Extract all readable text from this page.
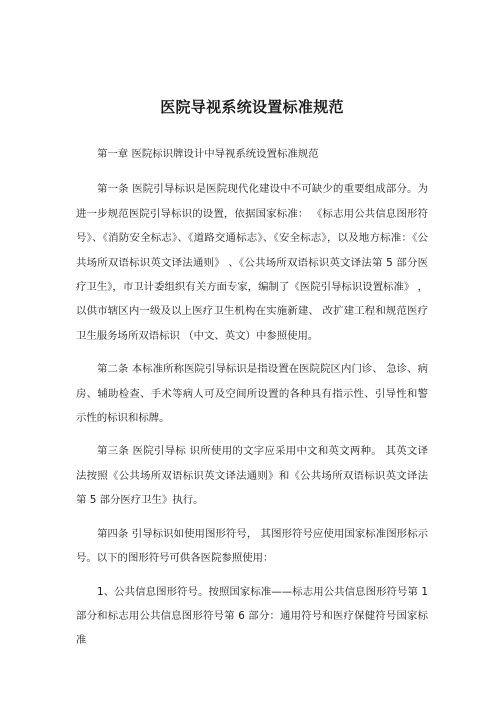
医院导视系统设置标准规范

第一章 医院标识牌设计中导视系统设置标准规范

第一条 医院引导标识是医院现代化建设中不可缺少的重要组成部分。为进一步规范医院引导标识的设置，依据国家标准： 《标志用公共信息图形符号》、《消防安全标志》、《道路交通标志》、《安全标志》，以及地方标准：《公共场所双语标识英文译法通则》 、《公共场所双语标识英文译法第 5 部分医疗卫生》，市卫计委组织有关方面专家，编制了《医院引导标识设置标准》 ，以供市辖区内一级及以上医疗卫生机构在实施新建、 改扩建工程和规范医疗卫生服务场所双语标识 （中文、英文）中参照使用。

第二条 本标准所称医院引导标识是指设置在医院院区内门诊、 急诊、病房、辅助检查、手术等病人可及空间所设置的各种具有指示性、引导性和警示性的标识和标牌。

第三条 医院引导标 识所使用的文字应采用中文和英文两种。 其英文译法按照《公共场所双语标识英文译法通则》和《公共场所双语标识英文译法第 5 部分医疗卫生》执行。

第四条 引导标识如使用图形符号， 其图形符号应使用国家标准图形标示号。以下的图形符号可供各医院参照使用：

1、公共信息图形符号。按照国家标准——标志用公共信息图形符号第 1 部分和标志用公共信息图形符号第 6 部分：通用符号和医疗保健符号国家标准
